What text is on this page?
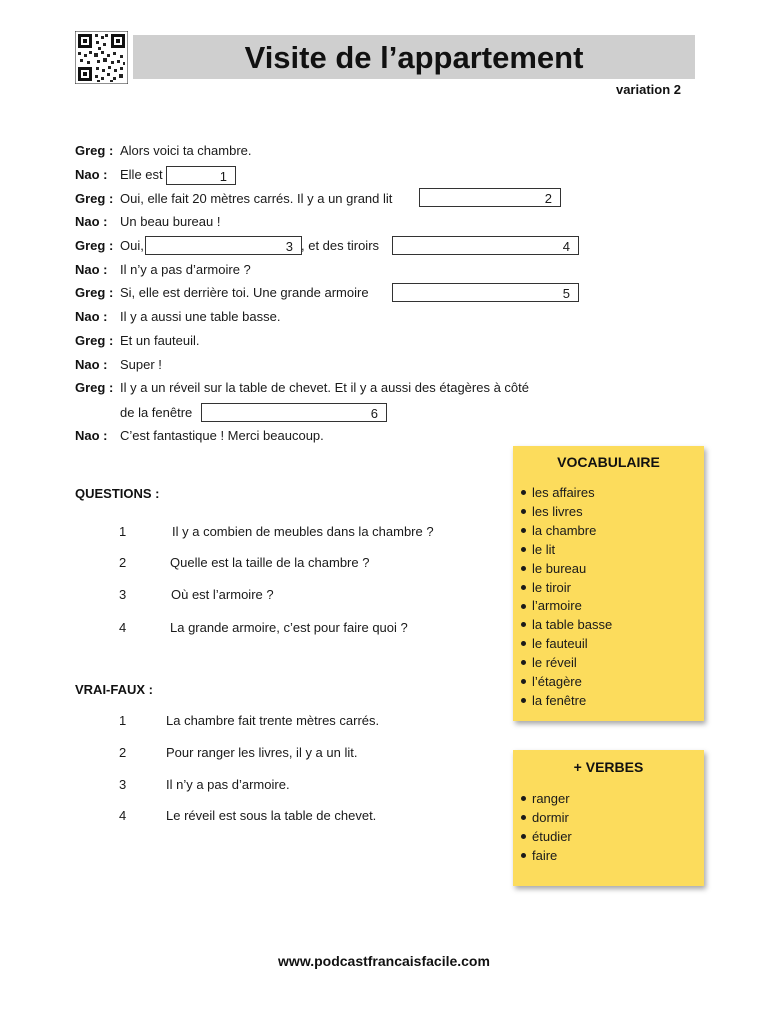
Visite de l’appartement
variation 2
Greg : Alors voici ta chambre.
Nao : Elle est	1
Greg : Oui, elle fait 20 mètres carrés. Il y a un grand lit	2
Nao : Un beau bureau !
Greg : Oui,	3 , et des tiroirs	4
Nao : Il n’y a pas d’armoire ?
Greg : Si, elle est derrière toi. Une grande armoire	5
Nao : Il y a aussi une table basse.
Greg : Et un fauteuil.
Nao : Super !
Greg : Il y a un réveil sur la table de chevet. Et il y a aussi des étagères à côté
de la fenêtre	6
Nao : C’est fantastique ! Merci beaucoup.
QUESTIONS :
1	Il y a combien de meubles dans la chambre ?
2	Quelle est la taille de la chambre ?
3	Où est l’armoire ?
4	La grande armoire, c’est pour faire quoi ?
VRAI-FAUX :
1	La chambre fait trente mètres carrés.
2	Pour ranger les livres, il y a un lit.
3	Il n’y a pas d’armoire.
4	Le réveil est sous la table de chevet.
VOCABULAIRE
les affaires
les livres
la chambre
le lit
le bureau
le tiroir
l’armoire
la table basse
le fauteuil
le réveil
l’étagère
la fenêtre
+ VERBES
ranger
dormir
étudier
faire
www.podcastfrancaisfacile.com
